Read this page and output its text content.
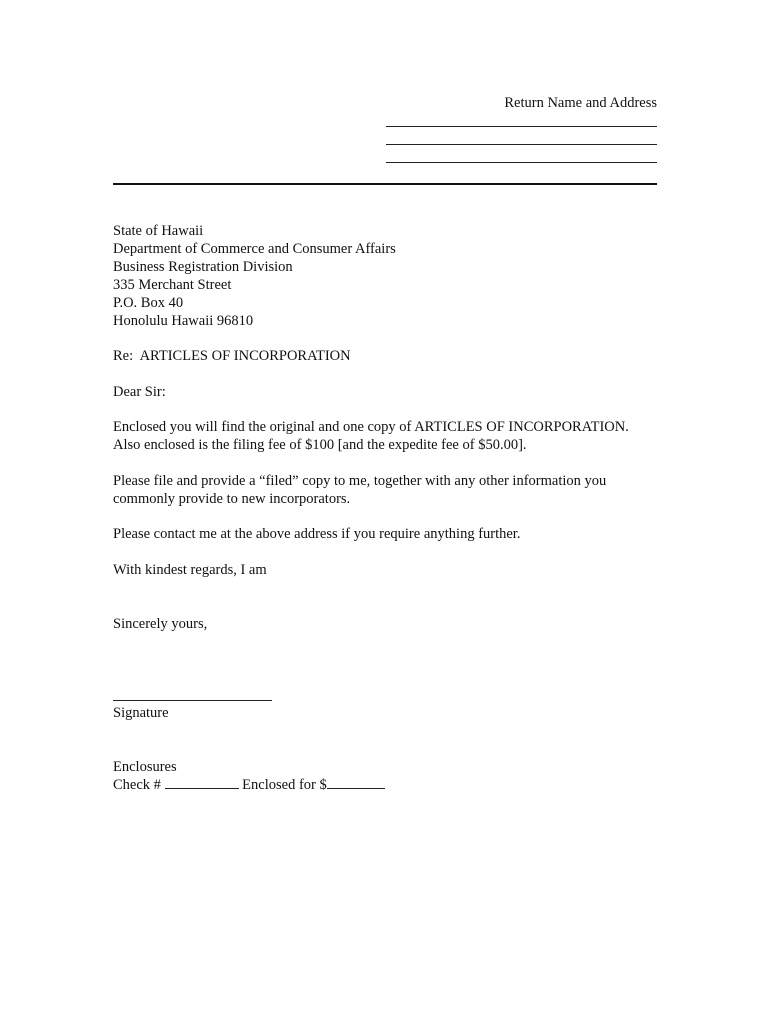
Return Name and Address
State of Hawaii
Department of Commerce and Consumer Affairs
Business Registration Division
335 Merchant Street
P.O. Box 40
Honolulu Hawaii 96810
Re:  ARTICLES OF INCORPORATION
Dear Sir:
Enclosed you will find the original and one copy of ARTICLES OF INCORPORATION.
Also enclosed is the filing fee of $100 [and the expedite fee of $50.00].
Please file and provide a “filed” copy to me, together with any other information you
commonly provide to new incorporators.
Please contact me at the above address if you require anything further.
With kindest regards, I am
Sincerely yours,
Signature
Enclosures
Check #	Enclosed for $
